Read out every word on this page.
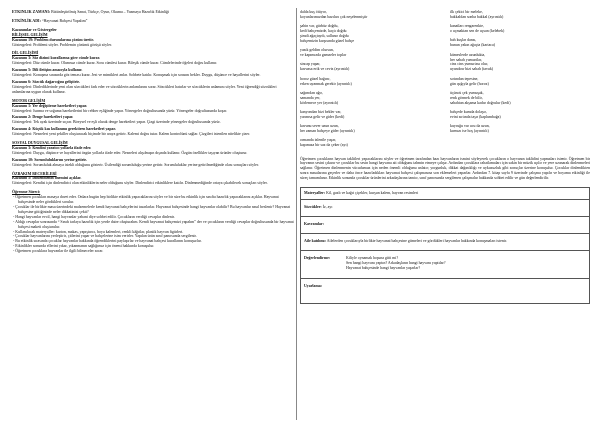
ETKİNLİK ZAMANI: Bütünleştirilmiş Sanat, Türkçe, Oyun, Okuma – Yazmaya Hazırlık Etkinliği

ETKİNLİK ADI: “Hayvanat Bahçesi Yapalım”

Kazanımlar ve Göstergeler

BİLİŞSEL GELİŞİM

Kazanım 19: Problem durumlarına çözüm üretir.

Göstergeleri: Problemi söyler. Problemin çözümü görüşü söyler.

DİL GELİŞİMİ

Kazanım 3: Söz dizimi kurallarına göre cümle kurar.

Göstergeleri: Düz cümle kurar. Olumsuz cümle kurar. Soru cümlesi kurar. Bileşik cümle kurar. Cümlelerinde öğeleri doğru kullanır.

Kazanım 5: Dili iletişim amacıyla kullanır.

Göstergeleri: Konuşma sırasında göz teması kurar. Jest ve mimikleri anlar. Sohbete katılır. Konuşmak için sırasını bekler. Duygu, düşünce ve hayallerini söyler.

Kazanım 6: Sözcük dağarcığını geliştirir.

Göstergeleri: Dinlediklerinde yeni olan sözcükleri fark eder ve sözcüklerin anlamlarını sorar. Sözcükleri hatırlar ve sözcüklerin anlamını söyler. Yeni öğrendiği sözcükleri anlamlarına uygun olarak kullanır.

MOTOR GELİŞİM

Kazanım 1: Yer değiştirme hareketleri yapar.

Göstergeleri: Isınma ve soğuma hareketlerini bir rehber eşliğinde yapar. Yönergeler doğrultusunda yürür. Yönergeler doğrultusunda koşar.

Kazanım 2: Denge hareketleri yapar.

Göstergeleri: Tek ayak üzerinde sıçrar. Bireysel ve eşli olarak denge hareketleri yapar. Çizgi üzerinde yönergeler doğrultusunda yürür.

Kazanım 4: Küçük kas kullanımı gerektiren hareketleri yapar.

Göstergeleri: Nesneleri yeni şekiller oluşturacak biçimde bir araya getirir. Kalemi doğru tutar. Kalem kontrolünü sağlar. Çizgileri istenilen nitelikte çizer.

SOSYAL DUYGUSAL GELİŞİM

Kazanım 3: Kendini yaratıcı yollarla ifade eder.

Göstergeleri: Duygu, düşünce ve hayallerini özgün yollarla ifade eder. Nesneleri alışılmışın dışında kullanır. Özgün özellikler taşıyan ürünler oluşturur.

Kazanım 10: Sorumluluklarını yerine getirir.

Göstergeleri: Sorumluluk almaya istekli olduğunu gösterir. Üstlendiği sorumluluğu yerine getirir. Sorumluluklar yerine getirilmediğinde olası sonuçları söyler.

ÖZBAKIM BECERİLERİ

Kazanım 5: Dinlenmenin önemini açıklar.

Göstergeleri: Kendisi için dinlendirici olan etkinliklerin neler olduğunu söyler. Dinlendirici etkinliklere katılır. Dinlenmediğinde ortaya çıkabilecek sonuçları söyler.

Öğrenme Süreci:

- Öğretmen çocukları masaya davet eder. Onlara bugün hep birlikte etkinlik yapacaklarını söyler ve bir süre bu etkinlik için sınıfta hazırlık yapacaklarını açıklar. Hayvanat bahçesinde neler gördükleri sorulur.

- Çocuklar ile birlikte masa üzerindeki malzemelerle kendi hayvanat bahçelerini tasarlarlar. Hayvanat bahçesinde hangi hayvanlar olabilir? Bu hayvanlar nasıl beslenir? Hayvanat bahçesine gittiğinizde neler dikkatinizi çekti?

- Hangi hayvanlar evcil, hangi hayvanlar yabani diye sohbet edilir. Çocukların verdiği cevaplar dinlenir.

- Aldığı cevaplar sonrasında “ Sınıfı tarlaya hazırlık için yerde daire oluşturalım. Kendi hayvanat bahçemizi yapalım” der ve çocukların verdiği cevaplar doğrultusunda bir hayvanat bahçesi maketi oluşturulur.

- Kullanılacak materyaller: karton, makas, yapıştırıcı, boya kalemleri, renkli kâğıtlar, plastik hayvan figürleri.

- Çocuklar hayvanlarını yerleştirir, çitlerini yapar ve bahçelerine isim verirler. Yapılan ürün sınıf panosunda sergilenir.

- Bu etkinlik sırasında çocuklar hayvanlar hakkında öğrendiklerini paylaşırlar ve hayvanat bahçesi kurallarını konuşurlar.

- Etkinlikler sonunda ellerini yıkar, yıkanmanın sağlığımız için önemi hakkında konuşulur.

- Öğretmen çocuklara hayvanlar ile ilgili bilmeceler sorar.

dalda kuş ötüyor,

koyunlarımızdan bazıları çok neşelenmiştir

şahin var, gürbüz doğdu,

kedi bahçemizde, kaçtı doğdu

şimdi ağaçtaydı, sallanır doğdu

bahçemizin karşısında güzel bahçe

yazık geldim olursun,

ve kapımızda gamzeler toplar

sincap yapar,

kavuzsa erik ve ceviz (ayrıntılı)

horoz güzel bağırır,

erken uyanmak gerekir (ayrıntılı)

sağımdan ağır,

samanda yer,

körlemece yer (ayrıntılı)

kanyondan bizi bekler var,

yarımsa gelir ve gider (kedi)

kavunu sever uzun uzun,

her zaman bahçeye gider (ayrıntılı)

ormanda izlenile yaşar,

kapımıza bir saz da çeker (ayı)

ilk çekici bir meleke,

bakkaldan sonba bakkal (ayrıntılı)

kanatları rengarenkte,

o uçmaktan sen de uçsan (kelebek)

bah kuşlar dansı,

bunun yakın ağaçta (kartaca)

kümeslerde uzunlukta,

her sabah yumurtlar,

cins cins yumurtası olur,

uyandırır bizi sabah (tavuk)

sırtından tepesine,

gün ışığıyla gelir (horoz)

üçüncü çek yumuşak,

renk görmek de bilir,

sabahtan akşama kadar doğrulur (kedi)

bahçede kumda dolaşır,

evini sırtında taşır (kaplumbağa)

kuyruğu var ucu da uzun,

kırmızı ise hoş (ayrıntılı)

Öğretmen çocukların hayvan taklitleri yapacaklarını söyler ve öğretmen tarafından bazı hayvanların ismini söyleyerek çocukların o hayvanın taklidini yapmaları istenir. Öğretmen bir hayvanın sesini çıkarır ve çocuklar bu sesin hangi hayvana ait olduğunu tahmin etmeye çalışır. Ardından çocuklara rahatlamaları için sakin bir müzik açılır ve yere uzanarak dinlenmeleri sağlanır. Öğretmen dinlenmenin vücudumuz için neden önemli olduğunu anlatır; yorgunluk, dikkat dağınıklığı ve uykusuzluk gibi sonuçlar üzerine konuşulur. Çocuklar dinlendikten sonra masalarına geçerler ve daha önce hazırladıkları hayvanat bahçesi çalışmasına son eklemeleri yaparlar. Ardından 7. kitap sayfa 9 üzerinde çalışma yapılır ve boyama etkinliği ile süreç tamamlanır. Etkinlik sonunda çocuklar ürünlerini arkadaşlarına tanıtır, sınıf panosunda sergilenen çalışmalar hakkında sohbet edilir ve gün değerlendirilir.

Materyaller: Kil, gazlı ve kağıt çiçekler, kurşun kalem, hayvan resimleri
Sözcükler: İz, ayı
Kavramlar:
Aile katılımı: Ailelerden çocuklarıyla birlikte hayvanat bahçesine gitmeleri ve gördükleri hayvanlar hakkında konuşmaları istenir.
Değerlendirme:	Kiliyle oynamak hoşuna gitti mi?

Sen hangi hayvanı yaptın? Arkadaşların hangi hayvanı yaptılar?

Hayvanat bahçesinde hangi hayvanlar yaşarlar?

Uyarlama:
